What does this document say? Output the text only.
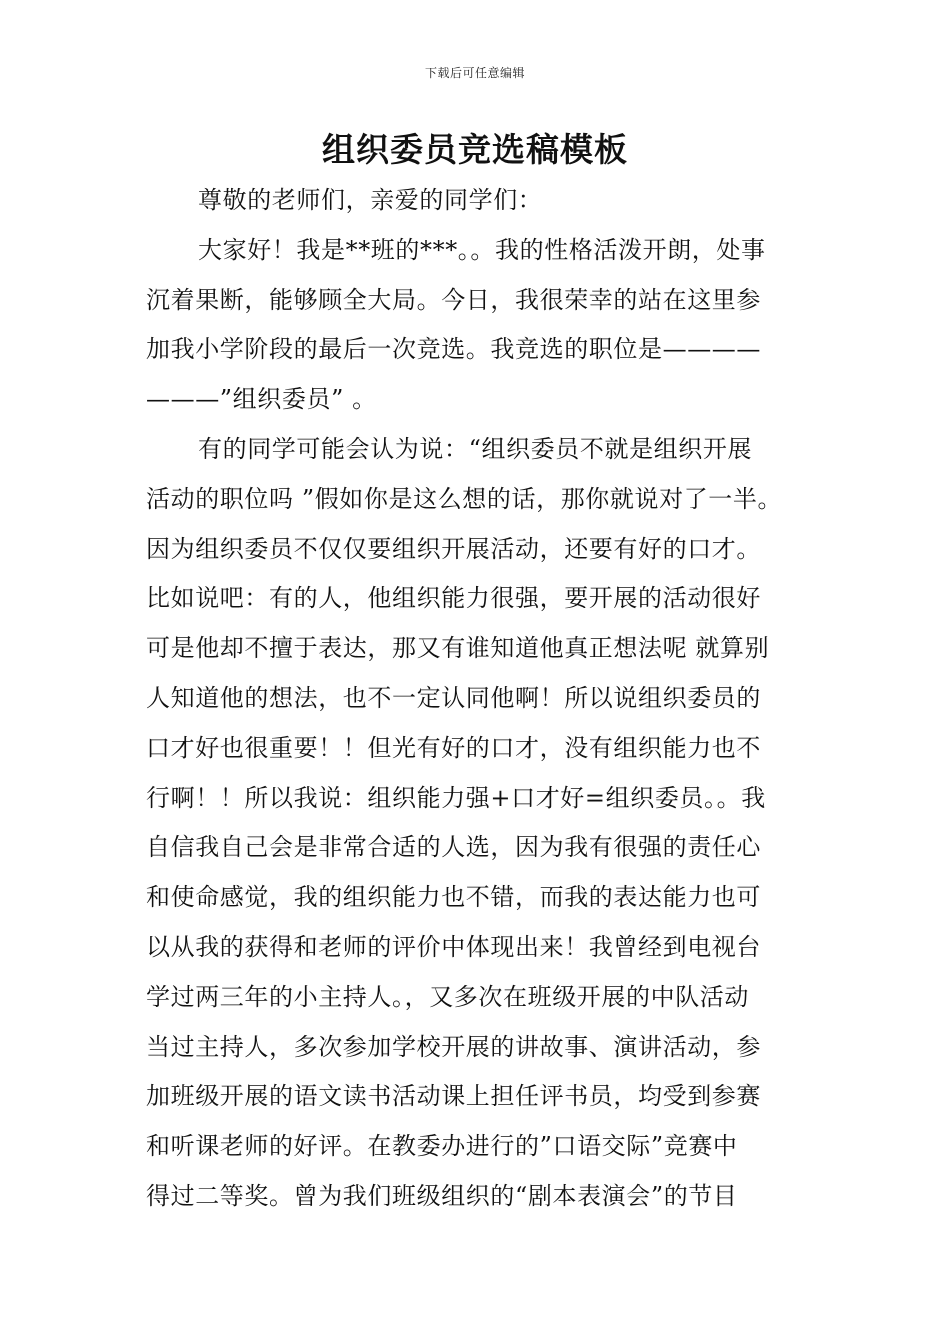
下载后可任意编辑
组织委员竞选稿模板
尊敬的老师们，亲爱的同学们：
大家好！我是**班的***。。我的性格活泼开朗，处事
沉着果断，能够顾全大局。今日，我很荣幸的站在这里参
加我小学阶段的最后一次竞选。我竞选的职位是————
———”组织委员” 。
有的同学可能会认为说：“组织委员不就是组织开展
活动的职位吗 ”假如你是这么想的话，那你就说对了一半。
因为组织委员不仅仅要组织开展活动，还要有好的口才。
比如说吧：有的人，他组织能力很强，要开展的活动很好
可是他却不擅于表达，那又有谁知道他真正想法呢 就算别
人知道他的想法，也不一定认同他啊！所以说组织委员的
口才好也很重要！！但光有好的口才，没有组织能力也不
行啊！！所以我说：组织能力强+口才好=组织委员。。我
自信我自己会是非常合适的人选，因为我有很强的责任心
和使命感觉，我的组织能力也不错，而我的表达能力也可
以从我的获得和老师的评价中体现出来！我曾经到电视台
学过两三年的小主持人。，又多次在班级开展的中队活动
当过主持人，多次参加学校开展的讲故事、演讲活动，参
加班级开展的语文读书活动课上担任评书员，均受到参赛
和听课老师的好评。在教委办进行的”口语交际”竞赛中
得过二等奖。曾为我们班级组织的“剧本表演会”的节目
